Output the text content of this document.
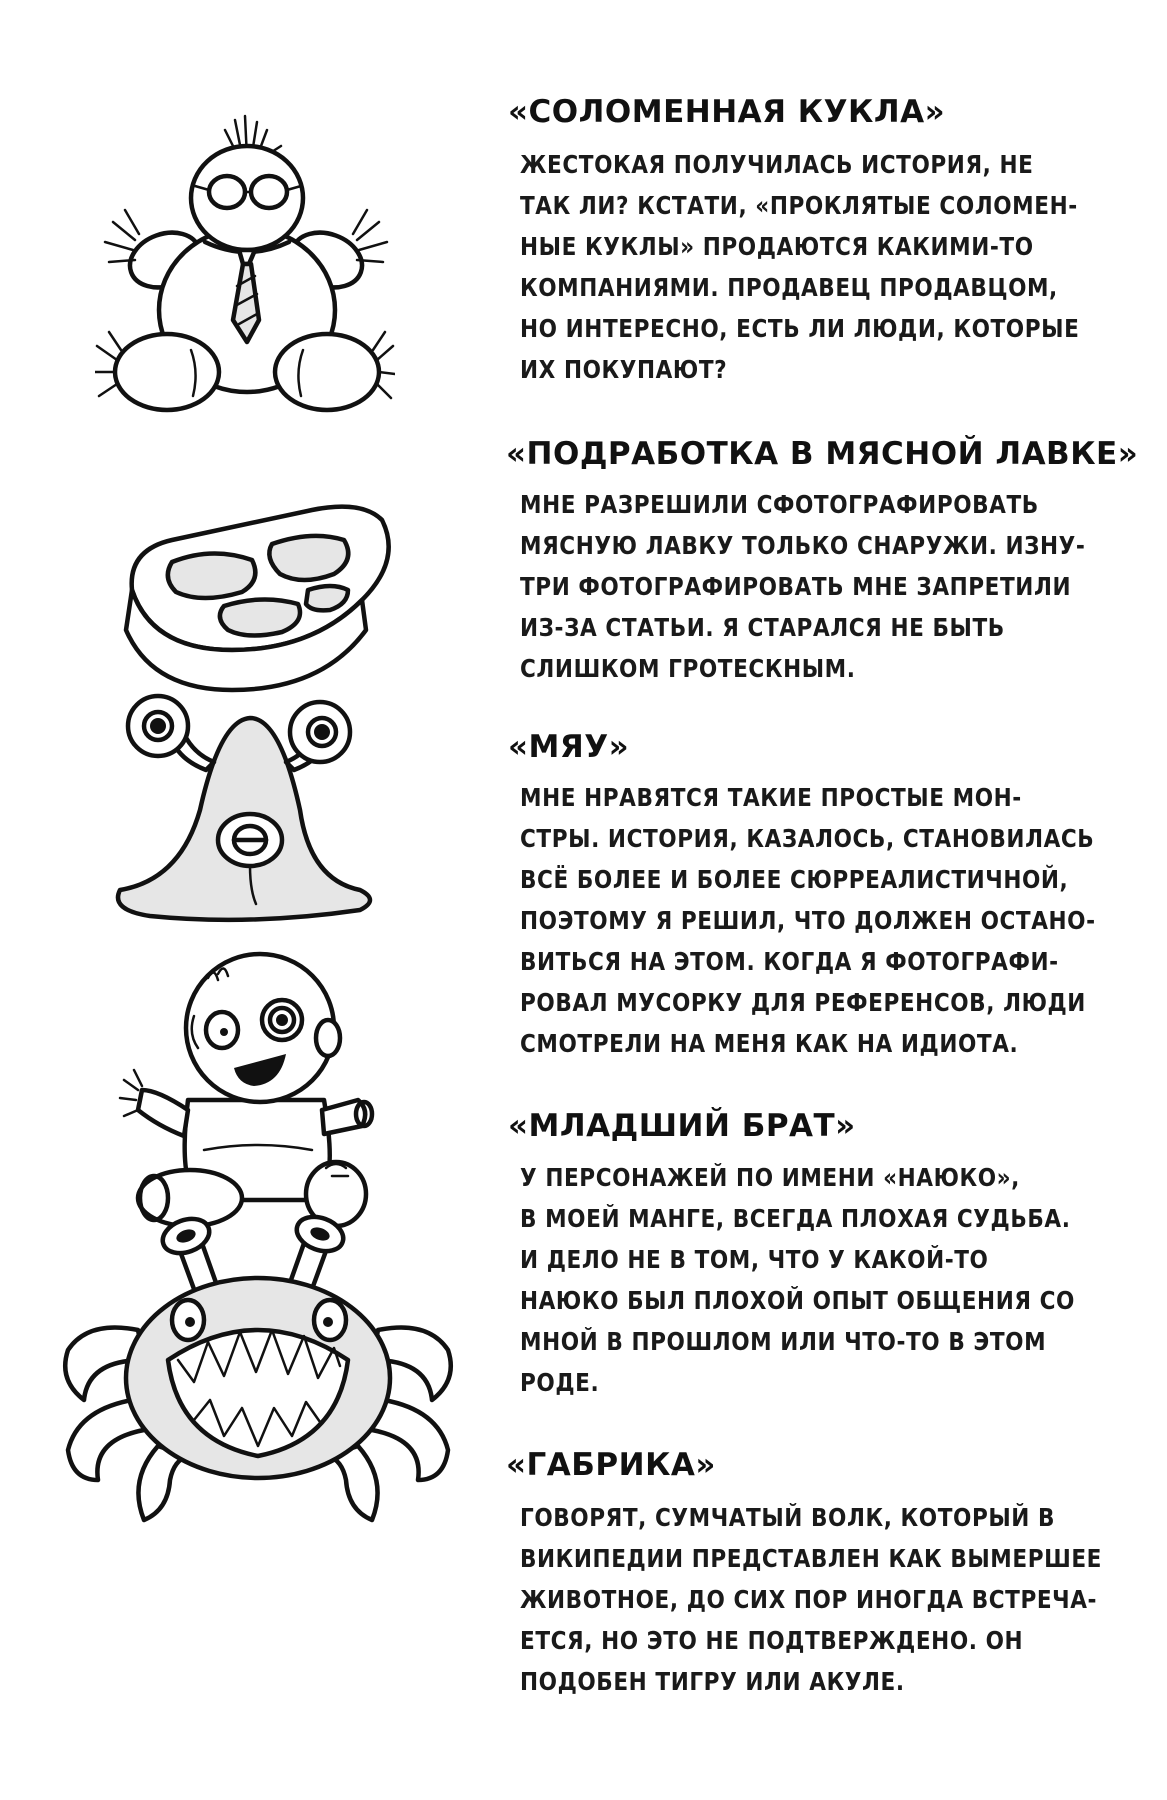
«СОЛОМЕННАЯ КУКЛА»
ЖЕСТОКАЯ ПОЛУЧИЛАСЬ ИСТОРИЯ, НЕ
ТАК ЛИ? КСТАТИ, «ПРОКЛЯТЫЕ СОЛОМЕН-
НЫЕ КУКЛЫ» ПРОДАЮТСЯ КАКИМИ-ТО
КОМПАНИЯМИ. ПРОДАВЕЦ ПРОДАВЦОМ,
НО ИНТЕРЕСНО, ЕСТЬ ЛИ ЛЮДИ, КОТОРЫЕ
ИХ ПОКУПАЮТ?
«ПОДРАБОТКА В МЯСНОЙ ЛАВКЕ»
МНЕ РАЗРЕШИЛИ СФОТОГРАФИРОВАТЬ
МЯСНУЮ ЛАВКУ ТОЛЬКО СНАРУЖИ. ИЗНУ-
ТРИ ФОТОГРАФИРОВАТЬ МНЕ ЗАПРЕТИЛИ
ИЗ-ЗА СТАТЬИ. Я СТАРАЛСЯ НЕ БЫТЬ
СЛИШКОМ ГРОТЕСКНЫМ.
«МЯУ»
МНЕ НРАВЯТСЯ ТАКИЕ ПРОСТЫЕ МОН-
СТРЫ. ИСТОРИЯ, КАЗАЛОСЬ, СТАНОВИЛАСЬ
ВСЁ БОЛЕЕ И БОЛЕЕ СЮРРЕАЛИСТИЧНОЙ,
ПОЭТОМУ Я РЕШИЛ, ЧТО ДОЛЖЕН ОСТАНО-
ВИТЬСЯ НА ЭТОМ. КОГДА Я ФОТОГРАФИ-
РОВАЛ МУСОРКУ ДЛЯ РЕФЕРЕНСОВ, ЛЮДИ
СМОТРЕЛИ НА МЕНЯ КАК НА ИДИОТА.
«МЛАДШИЙ БРАТ»
У ПЕРСОНАЖЕЙ ПО ИМЕНИ «НАЮКО»,
В МОЕЙ МАНГЕ, ВСЕГДА ПЛОХАЯ СУДЬБА.
И ДЕЛО НЕ В ТОМ, ЧТО У КАКОЙ-ТО
НАЮКО БЫЛ ПЛОХОЙ ОПЫТ ОБЩЕНИЯ СО
МНОЙ В ПРОШЛОМ ИЛИ ЧТО-ТО В ЭТОМ
РОДЕ.
«ГАБРИКА»
ГОВОРЯТ, СУМЧАТЫЙ ВОЛК, КОТОРЫЙ В
ВИКИПЕДИИ ПРЕДСТАВЛЕН КАК ВЫМЕРШЕЕ
ЖИВОТНОЕ, ДО СИХ ПОР ИНОГДА ВСТРЕЧА-
ЕТСЯ, НО ЭТО НЕ ПОДТВЕРЖДЕНО. ОН
ПОДОБЕН ТИГРУ ИЛИ АКУЛЕ.
